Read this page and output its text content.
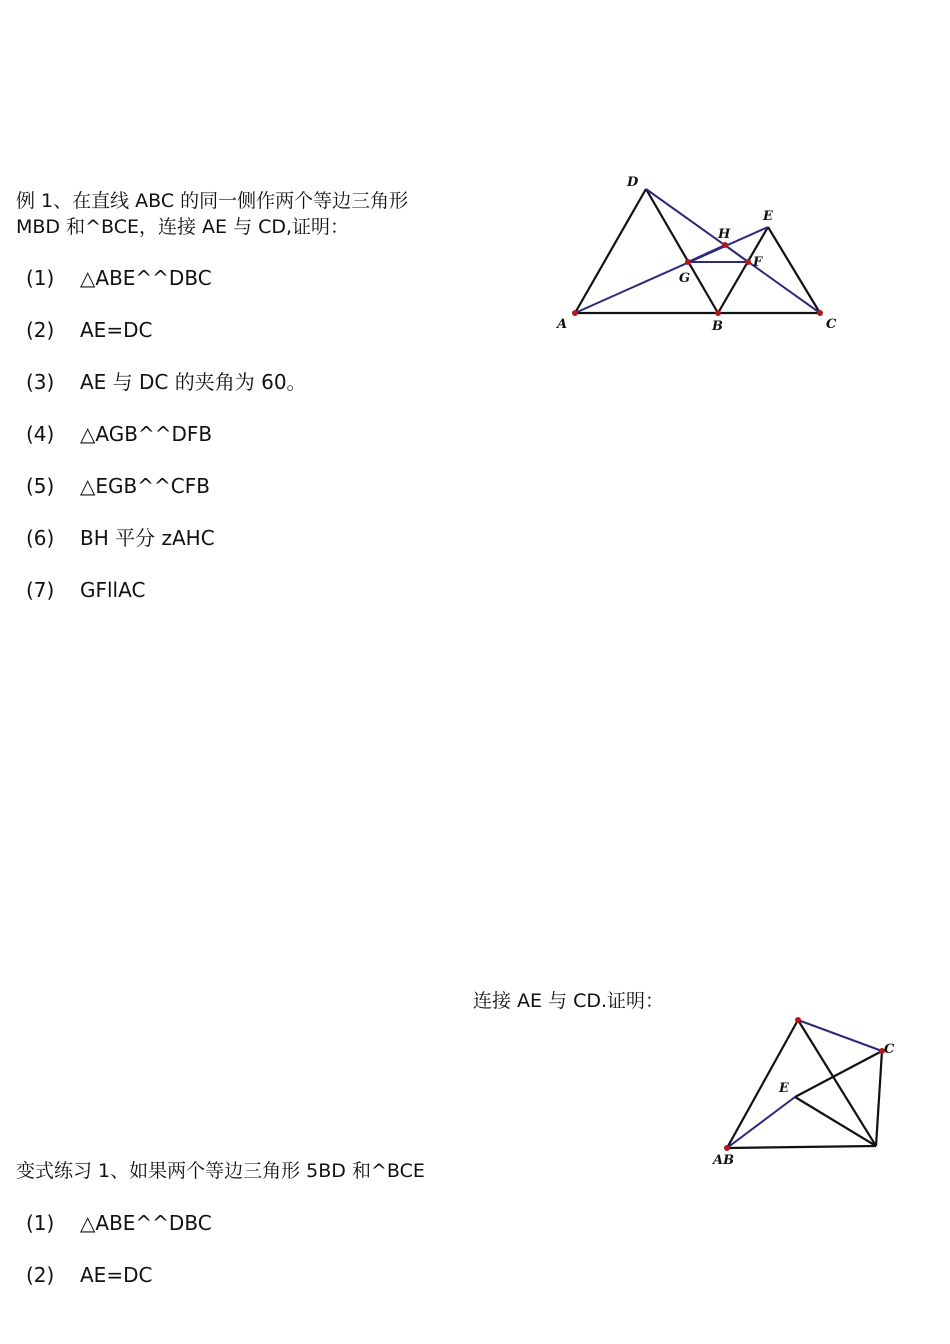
例 1、在直线 ABC 的同一侧作两个等边三角形
MBD 和^BCE，连接 AE 与 CD,证明：
(1) △ABE^^DBC
(2) AE=DC
(3) AE 与 DC 的夹角为 60。
(4) △AGB^^DFB
(5) △EGB^^CFB
(6) BH 平分 zAHC
(7) GFllAC
D
E
H
F
G
A	B	C
连接 AE 与 CD.证明：
C
E
AB
变式练习 1、如果两个等边三角形 5BD 和^BCE
(1) △ABE^^DBC
(2) AE=DC
